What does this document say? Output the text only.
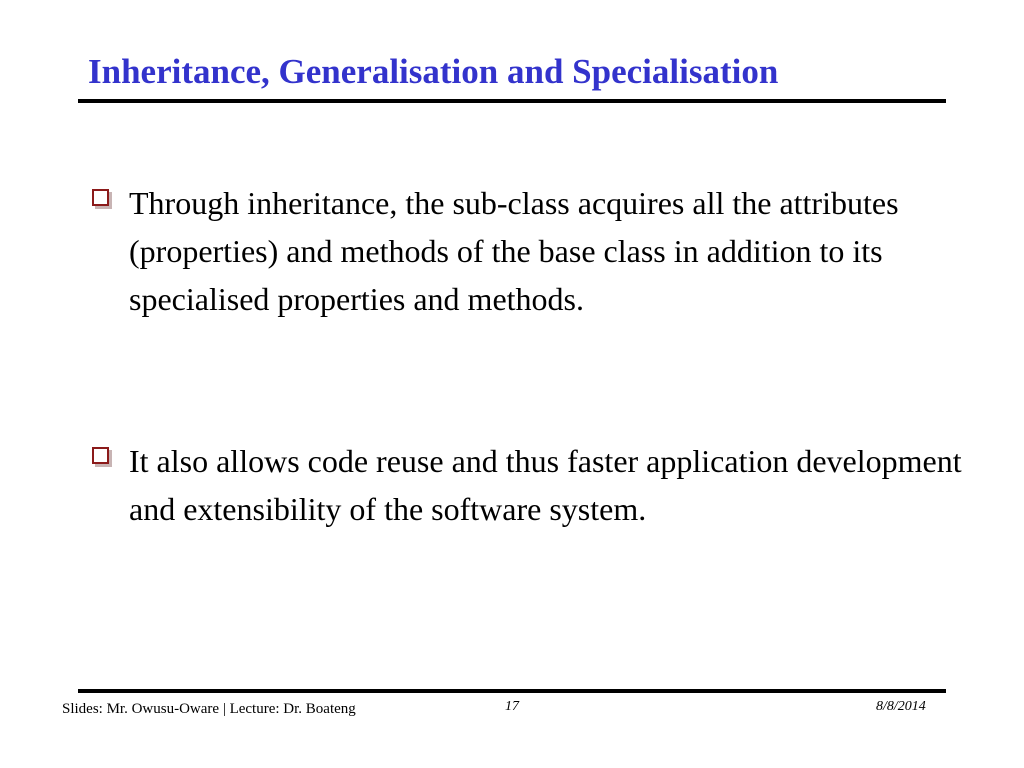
Inheritance, Generalisation and Specialisation
Through inheritance, the sub-class acquires all the attributes (properties) and methods of the base class in addition to its specialised properties and methods.
It also allows code reuse and thus faster application development and extensibility of the software system.
Slides: Mr. Owusu-Oware | Lecture: Dr. Boateng	17	8/8/2014
